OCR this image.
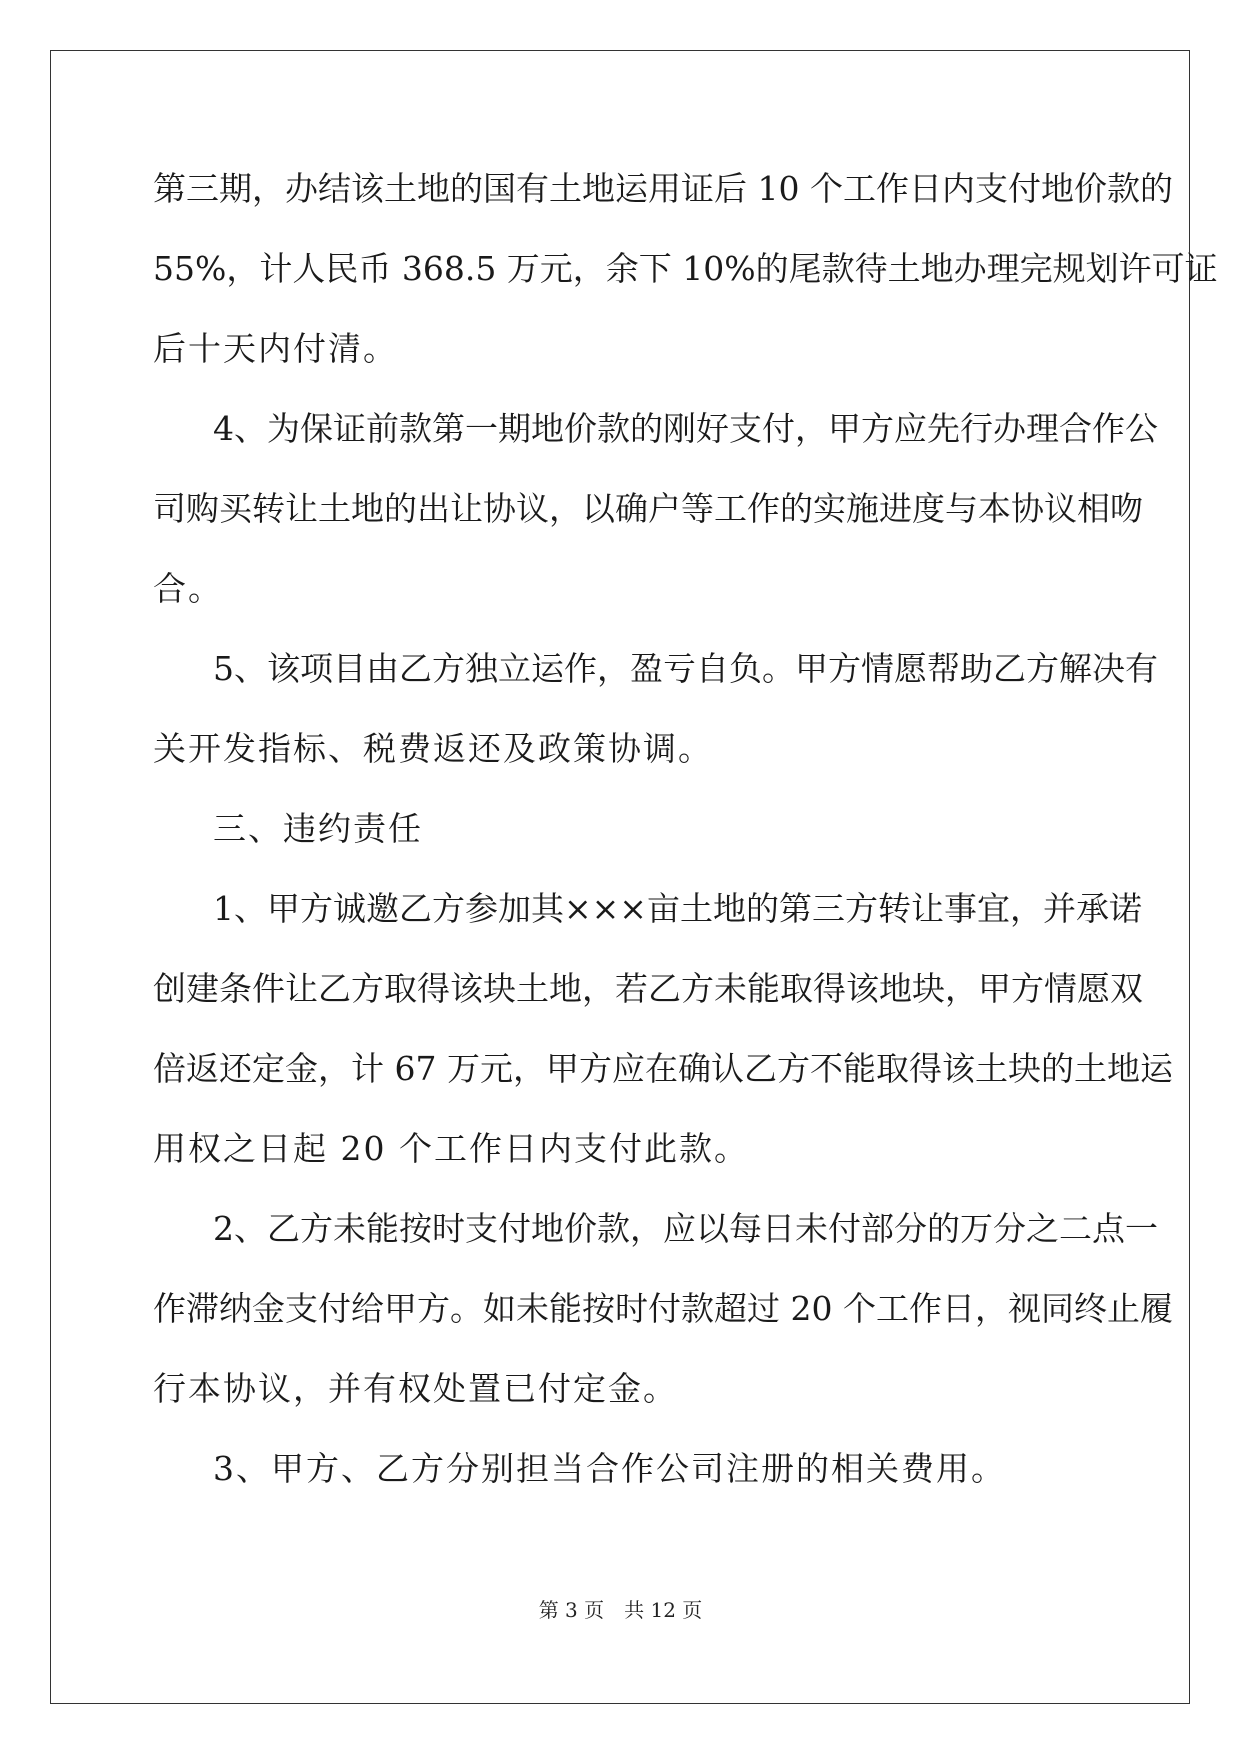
第三期，办结该土地的国有土地运用证后 10 个工作日内支付地价款的
55%，计人民币 368.5 万元，余下 10%的尾款待土地办理完规划许可证
后十天内付清。
4、为保证前款第一期地价款的刚好支付，甲方应先行办理合作公
司购买转让土地的出让协议，以确户等工作的实施进度与本协议相吻
合。
5、该项目由乙方独立运作，盈亏自负。甲方情愿帮助乙方解决有
关开发指标、税费返还及政策协调。
三、违约责任
1、甲方诚邀乙方参加其×××亩土地的第三方转让事宜，并承诺
创建条件让乙方取得该块土地，若乙方未能取得该地块，甲方情愿双
倍返还定金，计 67 万元，甲方应在确认乙方不能取得该土块的土地运
用权之日起 20 个工作日内支付此款。
2、乙方未能按时支付地价款，应以每日未付部分的万分之二点一
作滞纳金支付给甲方。如未能按时付款超过 20 个工作日，视同终止履
行本协议，并有权处置已付定金。
3、甲方、乙方分别担当合作公司注册的相关费用。
第 3 页 共 12 页
